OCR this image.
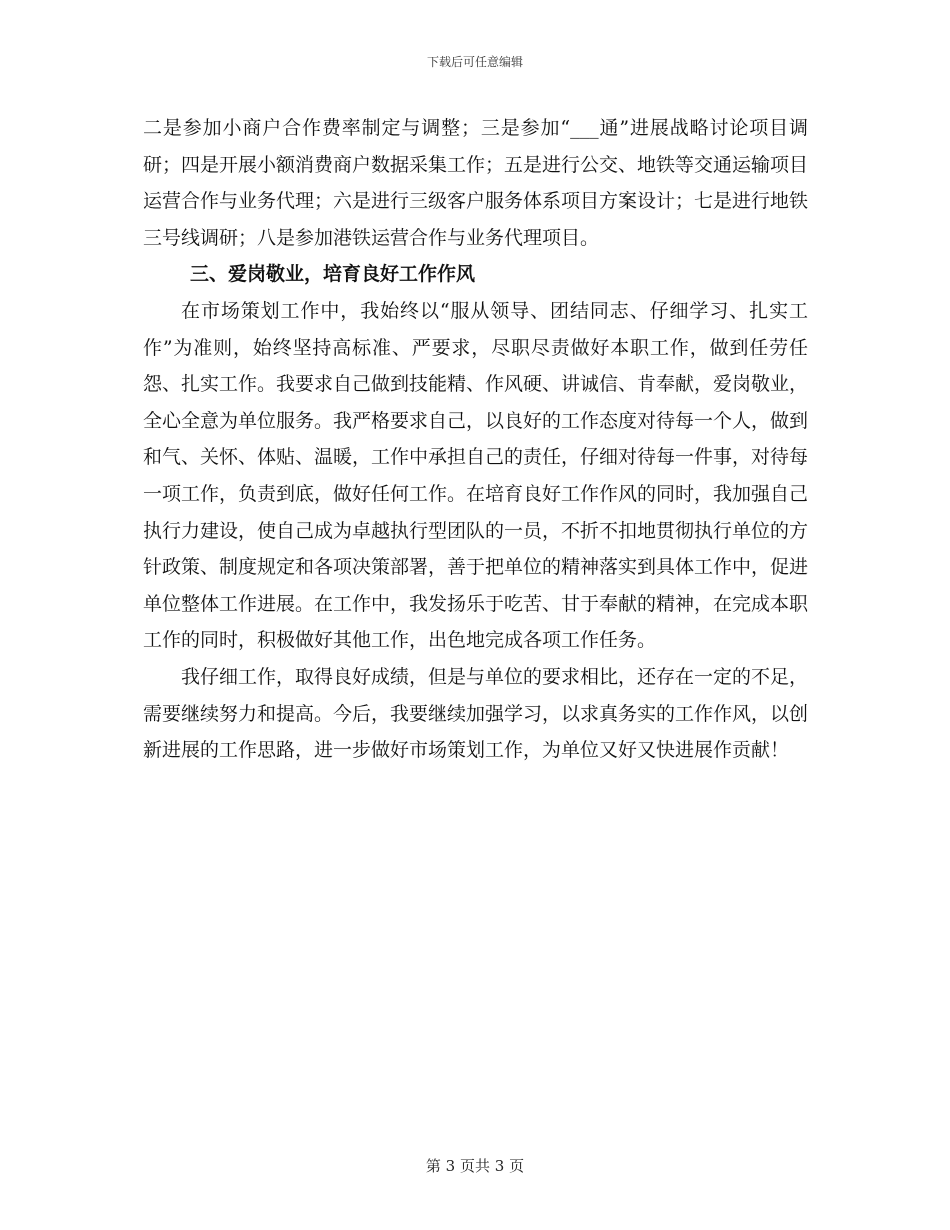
下载后可任意编辑

二是参加小商户合作费率制定与调整；三是参加“___通”进展战略讨论项目调研；四是开展小额消费商户数据采集工作；五是进行公交、地铁等交通运输项目运营合作与业务代理；六是进行三级客户服务体系项目方案设计；七是进行地铁三号线调研；八是参加港铁运营合作与业务代理项目。

三、爱岗敬业，培育良好工作作风

在市场策划工作中，我始终以“服从领导、团结同志、仔细学习、扎实工作”为准则，始终坚持高标准、严要求，尽职尽责做好本职工作，做到任劳任怨、扎实工作。我要求自己做到技能精、作风硬、讲诚信、肯奉献，爱岗敬业，全心全意为单位服务。我严格要求自己，以良好的工作态度对待每一个人，做到和气、关怀、体贴、温暖，工作中承担自己的责任，仔细对待每一件事，对待每一项工作，负责到底，做好任何工作。在培育良好工作作风的同时，我加强自己执行力建设，使自己成为卓越执行型团队的一员，不折不扣地贯彻执行单位的方针政策、制度规定和各项决策部署，善于把单位的精神落实到具体工作中，促进单位整体工作进展。在工作中，我发扬乐于吃苦、甘于奉献的精神，在完成本职工作的同时，积极做好其他工作，出色地完成各项工作任务。

我仔细工作，取得良好成绩，但是与单位的要求相比，还存在一定的不足，需要继续努力和提高。今后，我要继续加强学习，以求真务实的工作作风，以创新进展的工作思路，进一步做好市场策划工作，为单位又好又快进展作贡献！

第 3 页共 3 页
